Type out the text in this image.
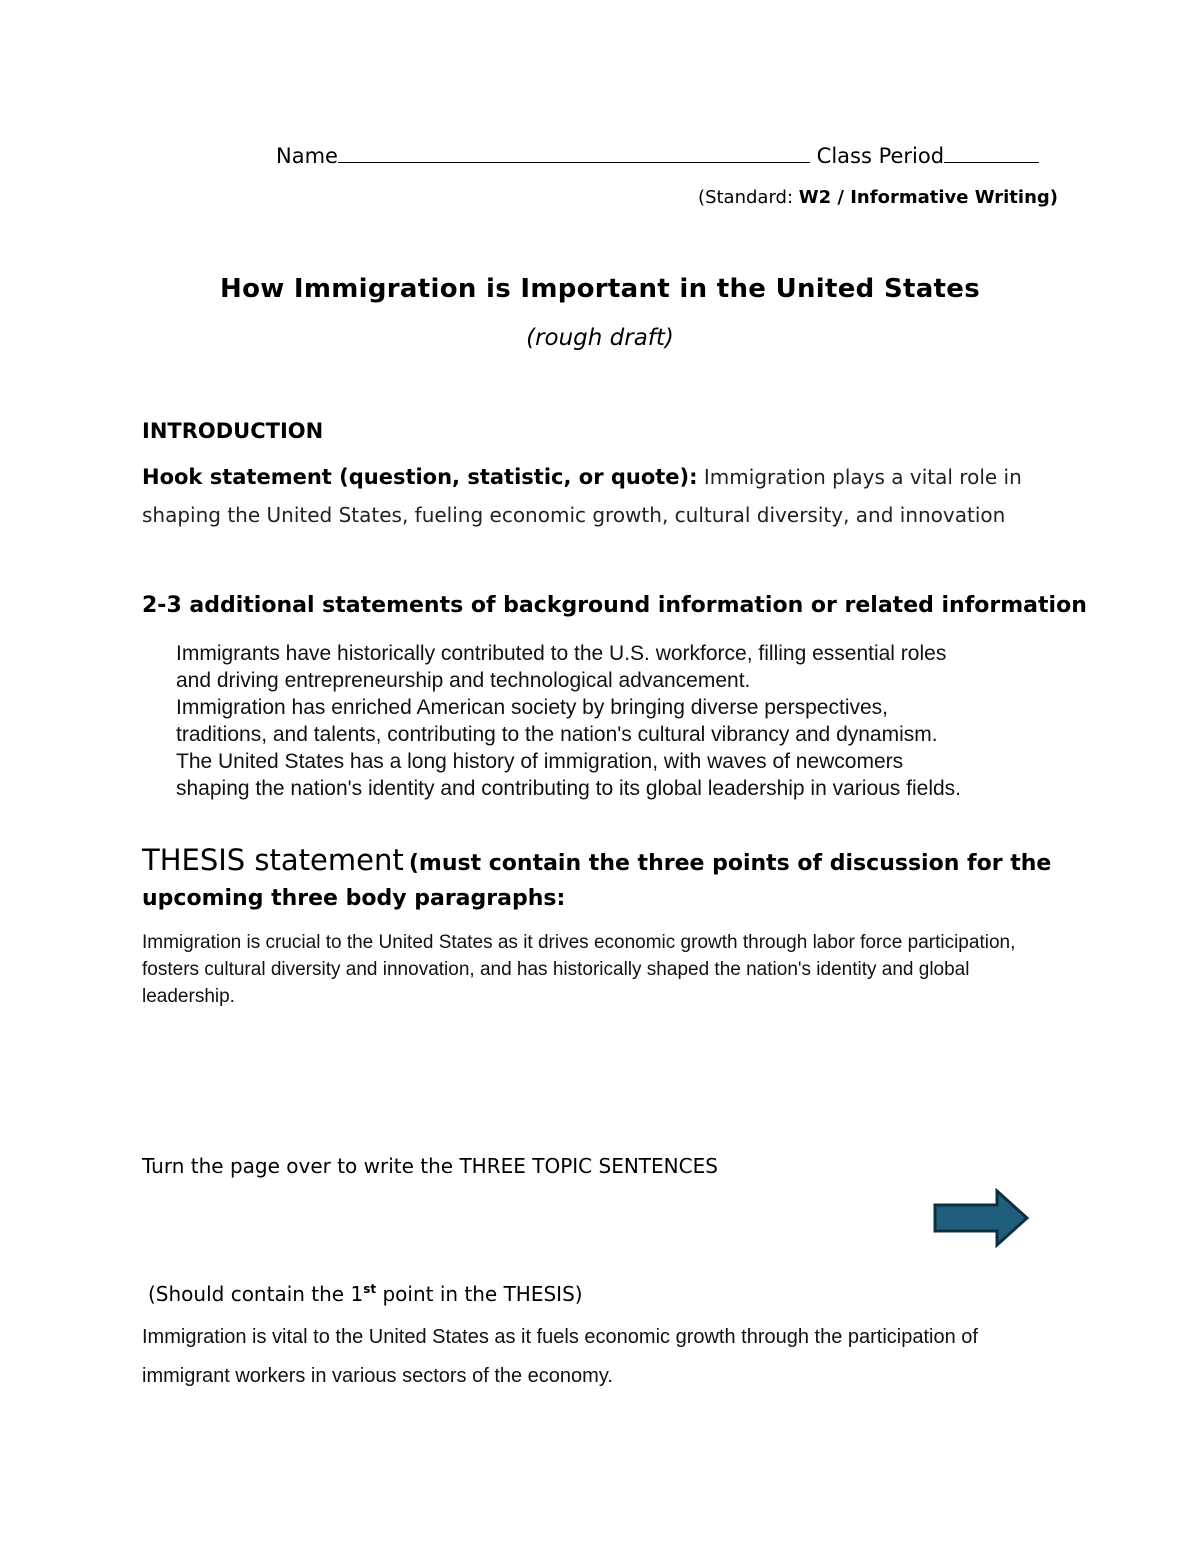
Name	Class Period
(Standard: W2 / Informative Writing)
How Immigration is Important in the United States
(rough draft)
INTRODUCTION
Hook statement (question, statistic, or quote): Immigration plays a vital role in shaping the United States, fueling economic growth, cultural diversity, and innovation
2-3 additional statements of background information or related information
Immigrants have historically contributed to the U.S. workforce, filling essential roles
and driving entrepreneurship and technological advancement.
Immigration has enriched American society by bringing diverse perspectives,
traditions, and talents, contributing to the nation's cultural vibrancy and dynamism.
The United States has a long history of immigration, with waves of newcomers
shaping the nation's identity and contributing to its global leadership in various fields.
THESIS statement (must contain the three points of discussion for the upcoming three body paragraphs:
Immigration is crucial to the United States as it drives economic growth through labor force participation, fosters cultural diversity and innovation, and has historically shaped the nation's identity and global leadership.
Turn the page over to write the THREE TOPIC SENTENCES
(Should contain the 1st point in the THESIS)
Immigration is vital to the United States as it fuels economic growth through the participation of immigrant workers in various sectors of the economy.
